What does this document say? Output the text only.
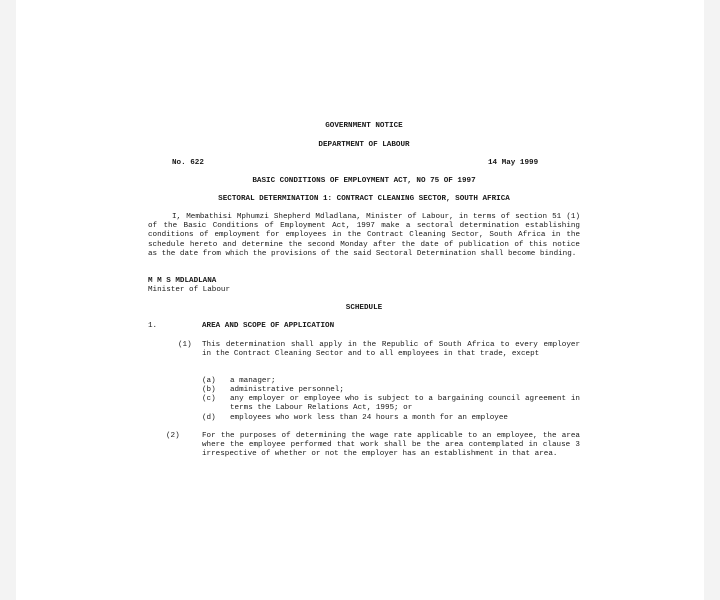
GOVERNMENT NOTICE
DEPARTMENT OF LABOUR
No. 622	14 May 1999
BASIC CONDITIONS OF EMPLOYMENT ACT, NO 75 OF 1997
SECTORAL DETERMINATION 1: CONTRACT CLEANING SECTOR, SOUTH AFRICA
I, Membathisi Mphumzi Shepherd Mdladlana, Minister of Labour, in terms of section 51 (1) of the Basic Conditions of Employment Act, 1997 make a sectoral determination establishing conditions of employment for employees in the Contract Cleaning Sector, South Africa in the schedule hereto and determine the second Monday after the date of publication of this notice as the date from which the provisions of the said Sectoral Determination shall become binding.
M M S MDLADLANA
Minister of Labour
SCHEDULE
1.	AREA AND SCOPE OF APPLICATION
(1) This determination shall apply in the Republic of South Africa to every employer in the Contract Cleaning Sector and to all employees in that trade, except
(a) a manager;
(b) administrative personnel;
(c) any employer or employee who is subject to a bargaining council agreement in terms the Labour Relations Act, 1995; or
(d) employees who work less than 24 hours a month for an employee
(2)	For the purposes of determining the wage rate applicable to an employee, the area where the employee performed that work shall be the area contemplated in clause 3 irrespective of whether or not the employer has an establishment in that area.
